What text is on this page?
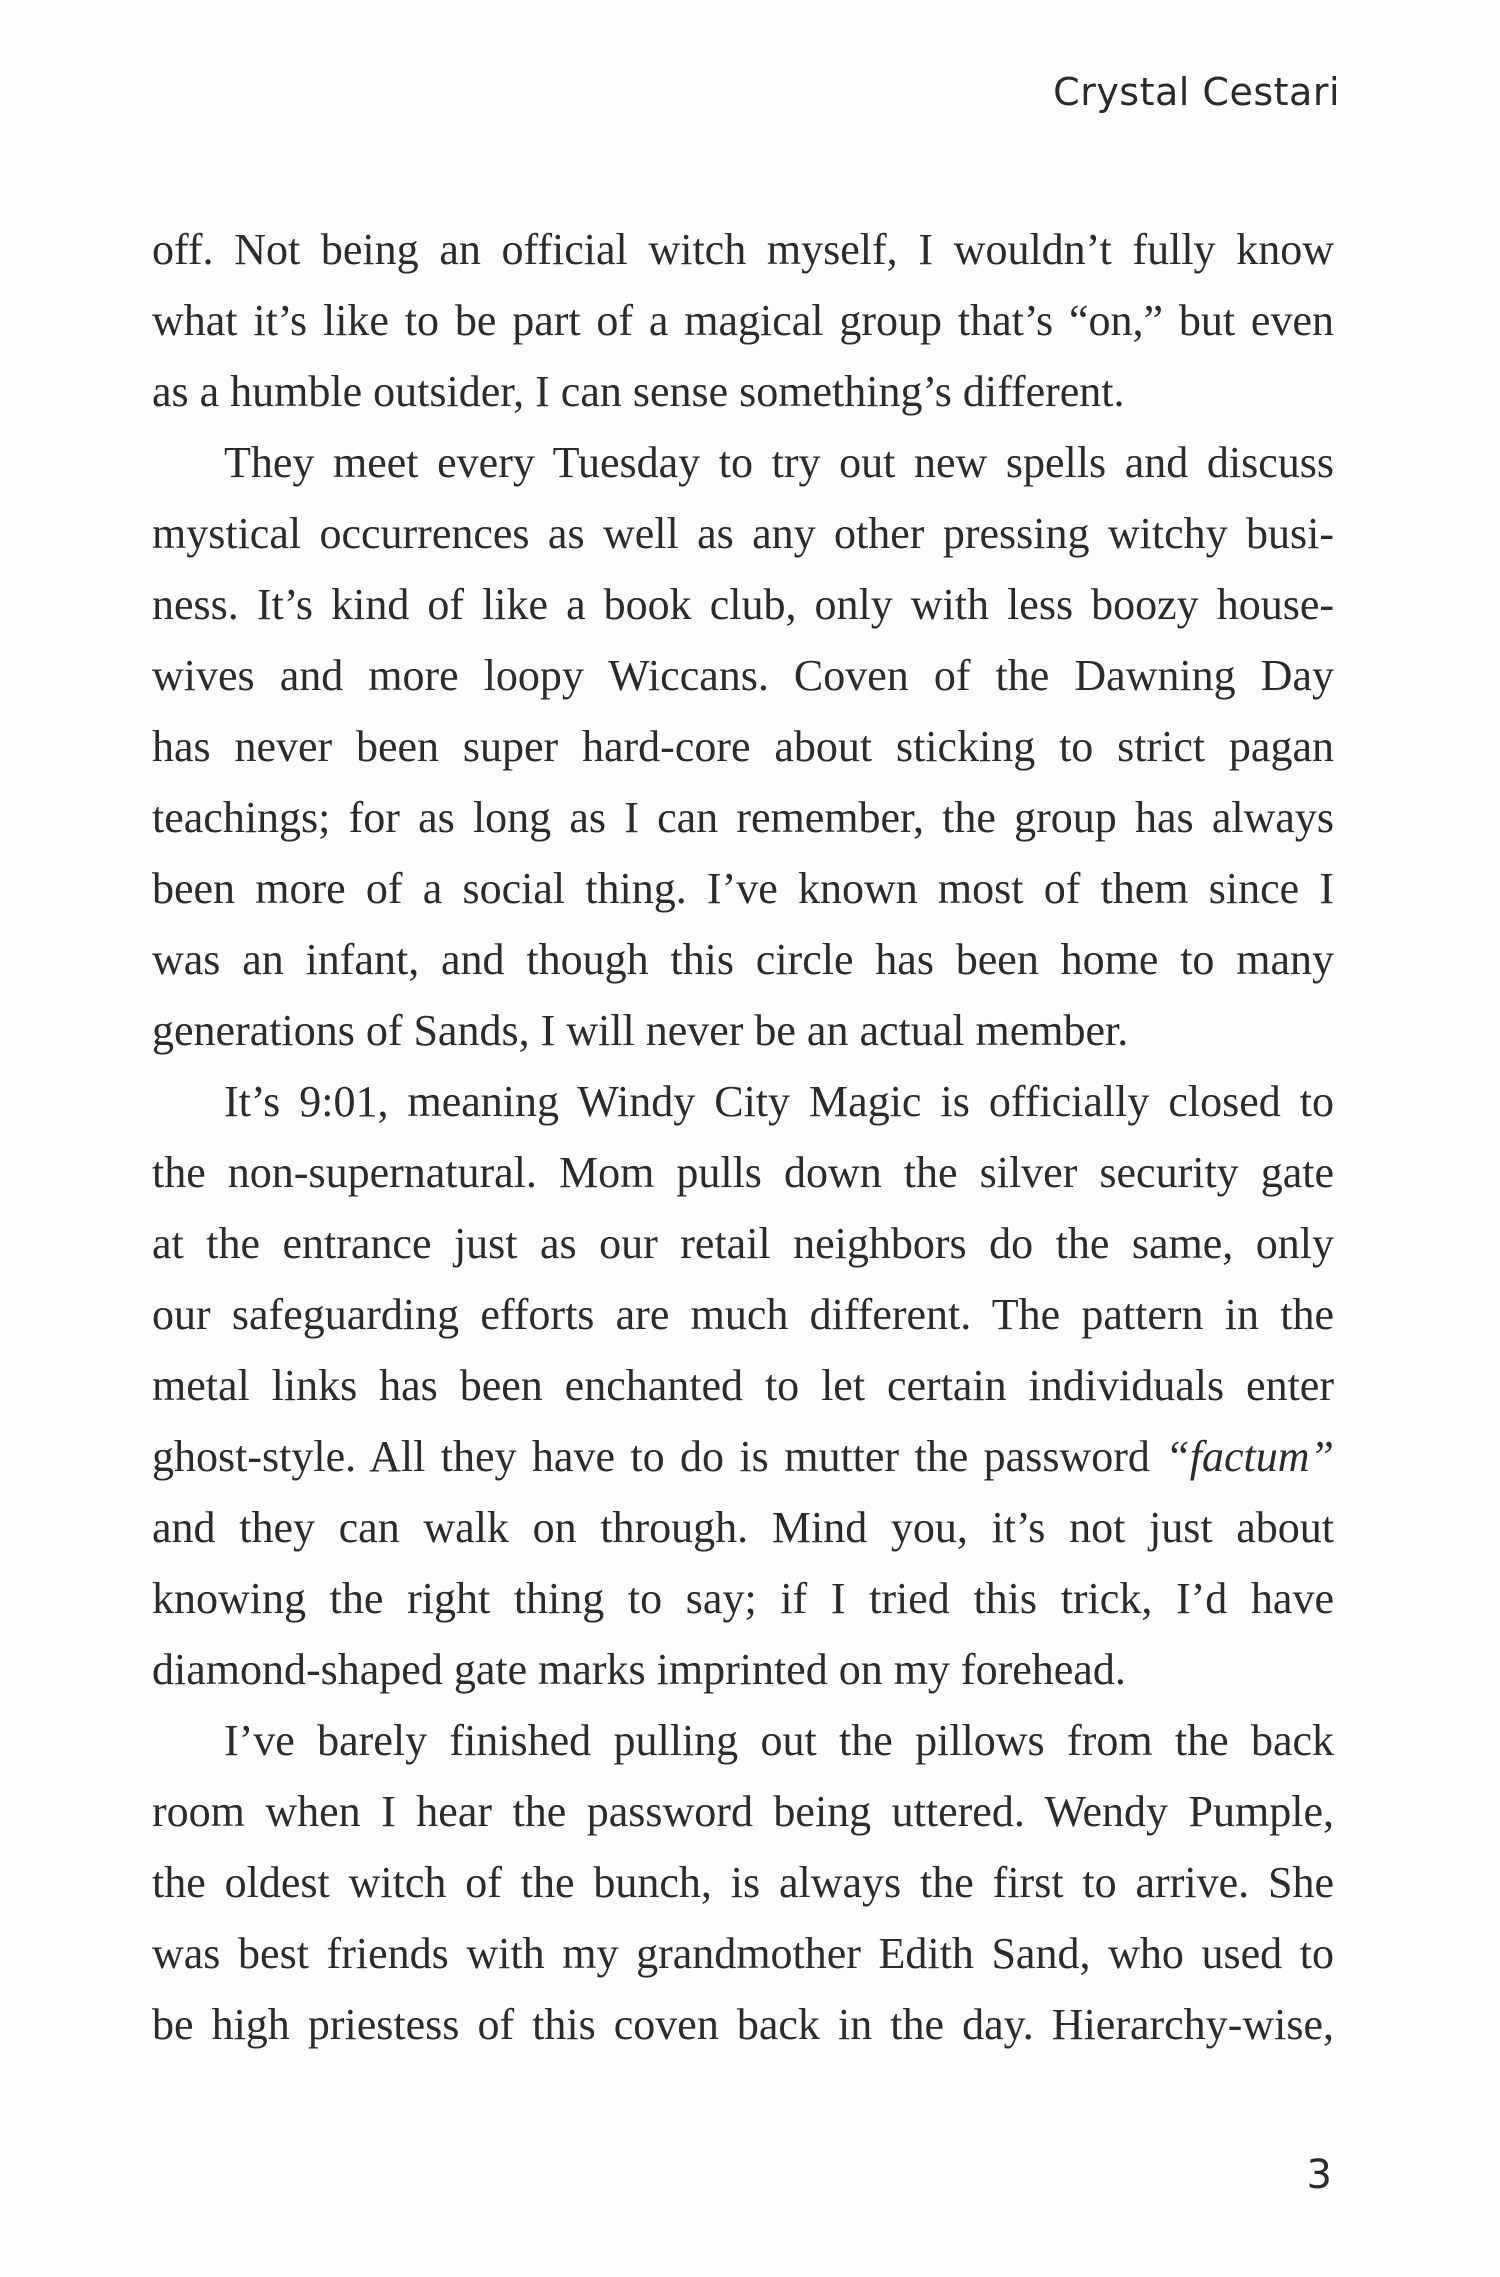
Crystal Cestari
off. Not being an official witch myself, I wouldn’t fully know
what it’s like to be part of a magical group that’s “on,” but even
as a humble outsider, I can sense something’s different.
They meet every Tuesday to try out new spells and discuss
mystical occurrences as well as any other pressing witchy busi-
ness. It’s kind of like a book club, only with less boozy house-
wives and more loopy Wiccans. Coven of the Dawning Day
has never been super hard-core about sticking to strict pagan
teachings; for as long as I can remember, the group has always
been more of a social thing. I’ve known most of them since I
was an infant, and though this circle has been home to many
generations of Sands, I will never be an actual member.
It’s 9:01, meaning Windy City Magic is officially closed to
the non-supernatural. Mom pulls down the silver security gate
at the entrance just as our retail neighbors do the same, only
our safeguarding efforts are much different. The pattern in the
metal links has been enchanted to let certain individuals enter
ghost-style. All they have to do is mutter the password “factum”
and they can walk on through. Mind you, it’s not just about
knowing the right thing to say; if I tried this trick, I’d have
diamond-shaped gate marks imprinted on my forehead.
I’ve barely finished pulling out the pillows from the back
room when I hear the password being uttered. Wendy Pumple,
the oldest witch of the bunch, is always the first to arrive. She
was best friends with my grandmother Edith Sand, who used to
be high priestess of this coven back in the day. Hierarchy-wise,
3
